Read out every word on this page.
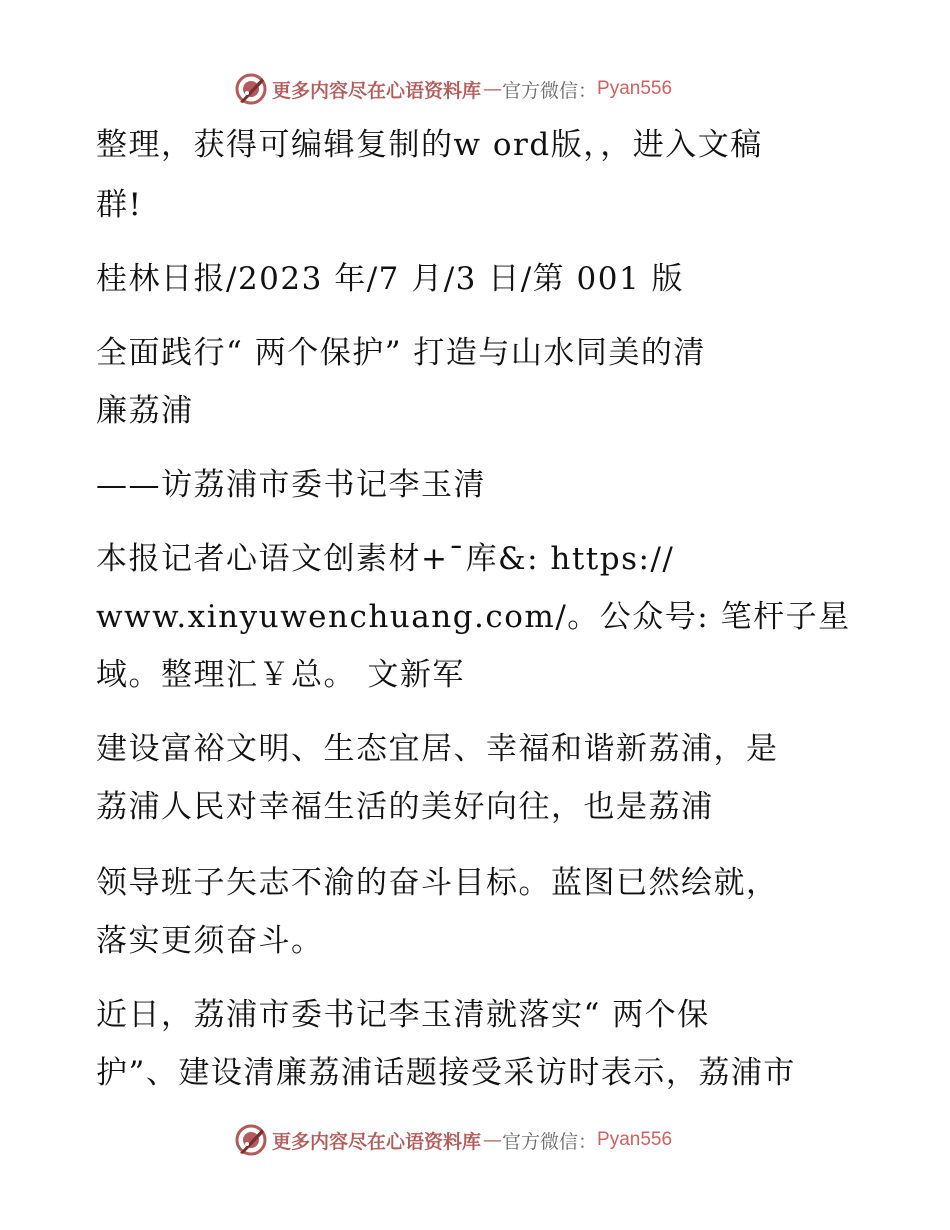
更多内容尽在心语资料库 — 官方微信： Pyan556
整理，获得可编辑复制的w ord版，，进入文稿
群!
桂林日报/2023 年/7 月/3 日/第 001 版
全面践行“ 两个保护” 打造与山水同美的清
廉荔浦
——访荔浦市委书记李玉清
本报记者心语文创素材+¯库&: https://
www.xinyuwenchuang.com/。公众号: 笔杆子星
域。整理汇￥总。 文新军
建设富裕文明、生态宜居、幸福和谐新荔浦，是
荔浦人民对幸福生活的美好向往，也是荔浦
领导班子矢志不渝的奋斗目标。蓝图已然绘就，
落实更须奋斗。
近日，荔浦市委书记李玉清就落实“ 两个保
护”、建设清廉荔浦话题接受采访时表示，荔浦市
更多内容尽在心语资料库 — 官方微信： Pyan556
